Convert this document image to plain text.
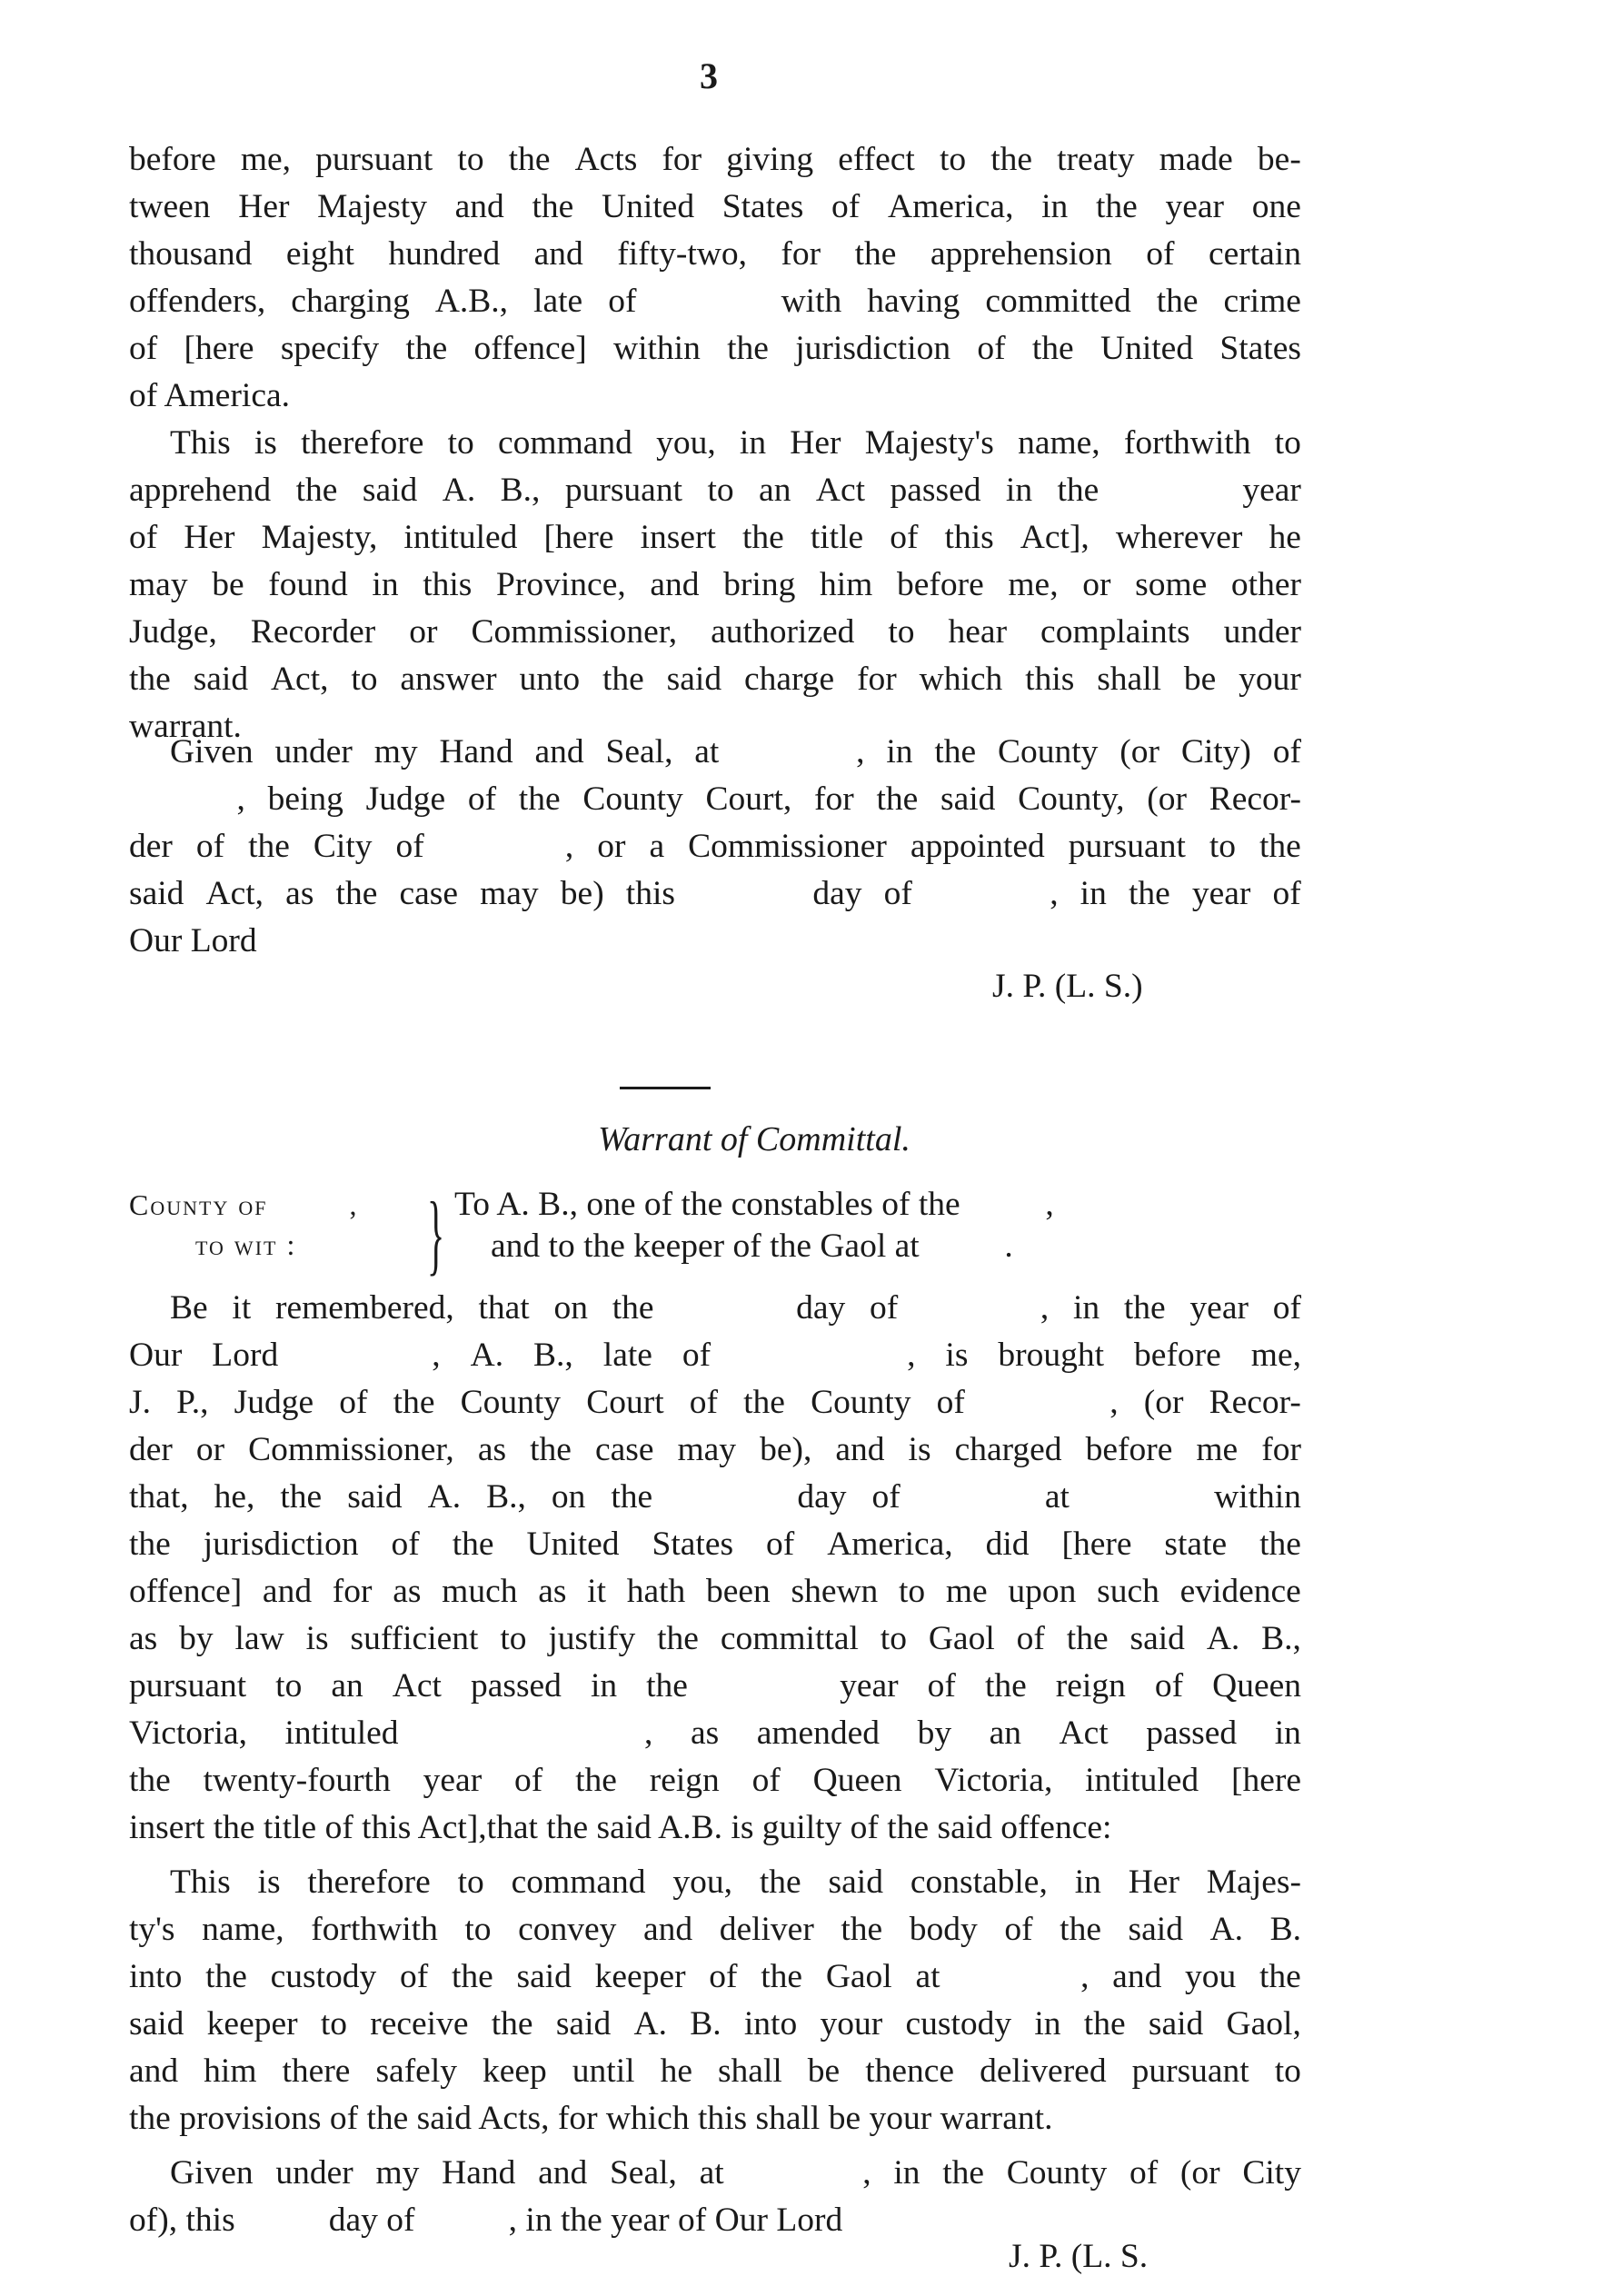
3
before me, pursuant to the Acts for giving effect to the treaty made be-
tween Her Majesty and the United States of America, in the year one
thousand eight hundred and fifty-two, for the apprehension of certain
offenders, charging A.B., late of
	with having committed the crime
of [here specify the offence] within the jurisdiction of the United States
of America.
This is therefore to command you, in Her Majesty's name, forthwith to
apprehend the said A. B., pursuant to an Act passed in the
	year
of Her Majesty, intituled [here insert the title of this Act], wherever he
may be found in this Province, and bring him before me, or some other
Judge, Recorder or Commissioner, authorized to hear complaints under
the said Act, to answer unto the said charge for which this shall be your
warrant.
Given under my Hand and Seal, at
	, in the County (or City) of

, being Judge of the County Court, for the said County, (or Recor-
der of the City of
	, or a Commissioner appointed pursuant to the
said Act, as the case may be) this
	day of
	, in the year of
Our Lord
J. P. (L. S.)
Warrant of Committal.
County of         ,
to wit : } To A. B., one of the constables of the          ,
and to the keeper of the Gaol at          .
Be it remembered, that on the
	day of
	, in the year of
Our Lord
	, A. B., late of
	, is brought before me,
J. P., Judge of the County Court of the County of
	, (or Recor-
der or Commissioner, as the case may be), and is charged before me for
that, he, the said A. B., on the
	day of
	at
	within
the jurisdiction of the United States of America, did [here state the
offence] and for as much as it hath been shewn to me upon such evidence
as by law is sufficient to justify the committal to Gaol of the said A. B.,
pursuant to an Act passed in the
	year of the reign of Queen
Victoria, intituled
	, as amended by an Act passed in
the twenty-fourth year of the reign of Queen Victoria, intituled [here
insert the title of this Act],that the said A.B. is guilty of the said offence:
This is therefore to command you, the said constable, in Her Majes-
ty's name, forthwith to convey and deliver the body of the said A. B.
into the custody of the said keeper of the Gaol at
	, and you the
said keeper to receive the said A. B. into your custody in the said Gaol,
and him there safely keep until he shall be thence delivered pursuant to
the provisions of the said Acts, for which this shall be your warrant.
Given under my Hand and Seal, at
	, in the County of (or City
of), this           day of           , in the year of Our Lord
J. P. (L. S.
